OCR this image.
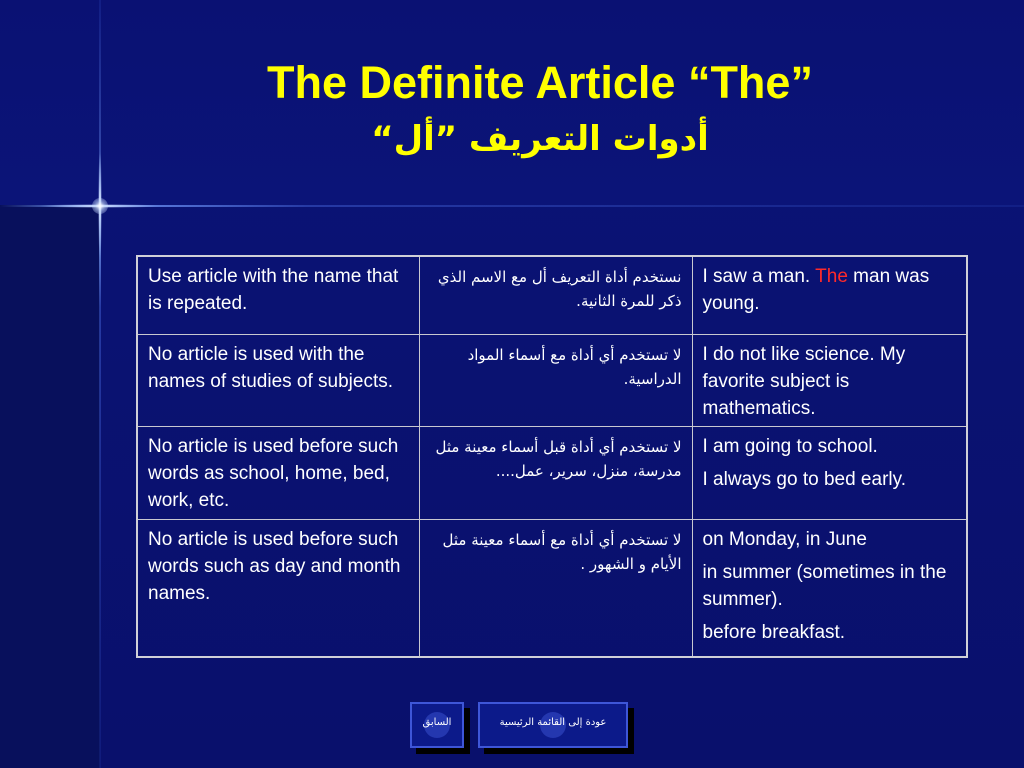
The Definite Article “The”
أدوات التعريف ”أل“
Use article with the name that is repeated.	نستخدم أداة التعريف أل مع الاسم الذي ذكر للمرة الثانية.	I saw a man. The man was young.
No article is used with the names of studies of subjects.	لا تستخدم أي أداة مع أسماء المواد الدراسية.	I do not like science. My favorite subject is mathematics.
No article is used before such words as school, home, bed, work, etc.	لا تستخدم أي أداة قبل أسماء معينة مثل مدرسة، منزل، سرير، عمل....	I am going to school.

I always go to bed early.

No article is used before such words such as day and month names.	لا تستخدم أي أداة مع أسماء معينة مثل الأيام و الشهور .	on Monday, in June

in summer (sometimes in the summer).

before breakfast.

السابق	عودة إلى القائمة الرئيسية
